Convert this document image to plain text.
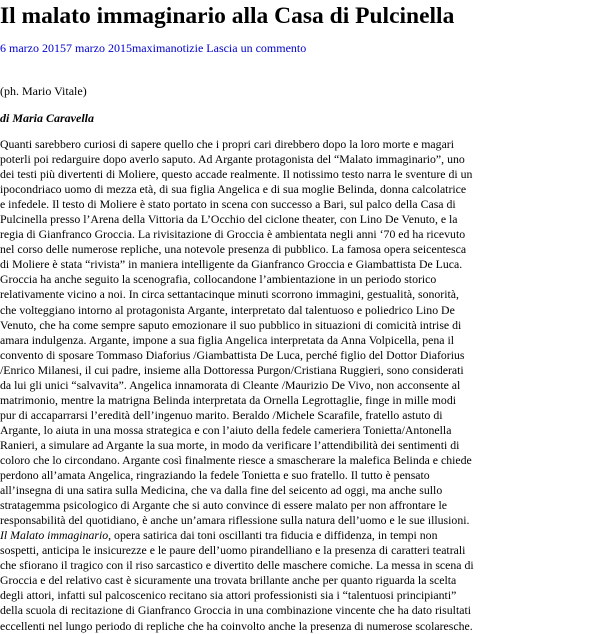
Il malato immaginario alla Casa di Pulcinella
6 marzo 20157 marzo 2015maximanotizie Lascia un commento
(ph. Mario Vitale)
di Maria Caravella
Quanti sarebbero curiosi di sapere quello che i propri cari direbbero dopo la loro morte e magari
poterli poi redarguire dopo averlo saputo. Ad Argante protagonista del “Malato immaginario”, uno
dei testi più divertenti di Moliere, questo accade realmente. Il notissimo testo narra le sventure di un
ipocondriaco uomo di mezza età, di sua figlia Angelica e di sua moglie Belinda, donna calcolatrice
e infedele. Il testo di Moliere è stato portato in scena con successo a Bari, sul palco della Casa di
Pulcinella presso l’Arena della Vittoria da L’Occhio del ciclone theater, con Lino De Venuto, e la
regia di Gianfranco Groccia. La rivisitazione di Groccia è ambientata negli anni ‘70 ed ha ricevuto
nel corso delle numerose repliche, una notevole presenza di pubblico. La famosa opera seicentesca
di Moliere è stata “rivista” in maniera intelligente da Gianfranco Groccia e Giambattista De Luca.
Groccia ha anche seguito la scenografia, collocandone l’ambientazione in un periodo storico
relativamente vicino a noi. In circa settantacinque minuti scorrono immagini, gestualità, sonorità,
che volteggiano intorno al protagonista Argante, interpretato dal talentuoso e poliedrico Lino De
Venuto, che ha come sempre saputo emozionare il suo pubblico in situazioni di comicità intrise di
amara indulgenza. Argante, impone a sua figlia Angelica interpretata da Anna Volpicella, pena il
convento di sposare Tommaso Diaforius /Giambattista De Luca, perché figlio del Dottor Diaforius
/Enrico Milanesi, il cui padre, insieme alla Dottoressa Purgon/Cristiana Ruggieri, sono considerati
da lui gli unici “salvavita”. Angelica innamorata di Cleante /Maurizio De Vivo, non acconsente al
matrimonio, mentre la matrigna Belinda interpretata da Ornella Legrottaglie, finge in mille modi
pur di accaparrarsi l’eredità dell’ingenuo marito. Beraldo /Michele Scarafile, fratello astuto di
Argante, lo aiuta in una mossa strategica e con l’aiuto della fedele cameriera Tonietta/Antonella
Ranieri, a simulare ad Argante la sua morte, in modo da verificare l’attendibilità dei sentimenti di
coloro che lo circondano. Argante così finalmente riesce a smascherare la malefica Belinda e chiede
perdono all’amata Angelica, ringraziando la fedele Tonietta e suo fratello. Il tutto è pensato
all’insegna di una satira sulla Medicina, che va dalla fine del seicento ad oggi, ma anche sullo
stratagemma psicologico di Argante che si auto convince di essere malato per non affrontare le
responsabilità del quotidiano, è anche un’amara riflessione sulla natura dell’uomo e le sue illusioni.
Il Malato immaginario, opera satirica dai toni oscillanti tra fiducia e diffidenza, in tempi non
sospetti, anticipa le insicurezze e le paure dell’uomo pirandelliano e la presenza di caratteri teatrali
che sfiorano il tragico con il riso sarcastico e divertito delle maschere comiche. La messa in scena di
Groccia e del relativo cast è sicuramente una trovata brillante anche per quanto riguarda la scelta
degli attori, infatti sul palcoscenico recitano sia attori professionisti sia i “talentuosi principianti”
della scuola di recitazione di Gianfranco Groccia in una combinazione vincente che ha dato risultati
eccellenti nel lungo periodo di repliche che ha coinvolto anche la presenza di numerose scolaresche.
